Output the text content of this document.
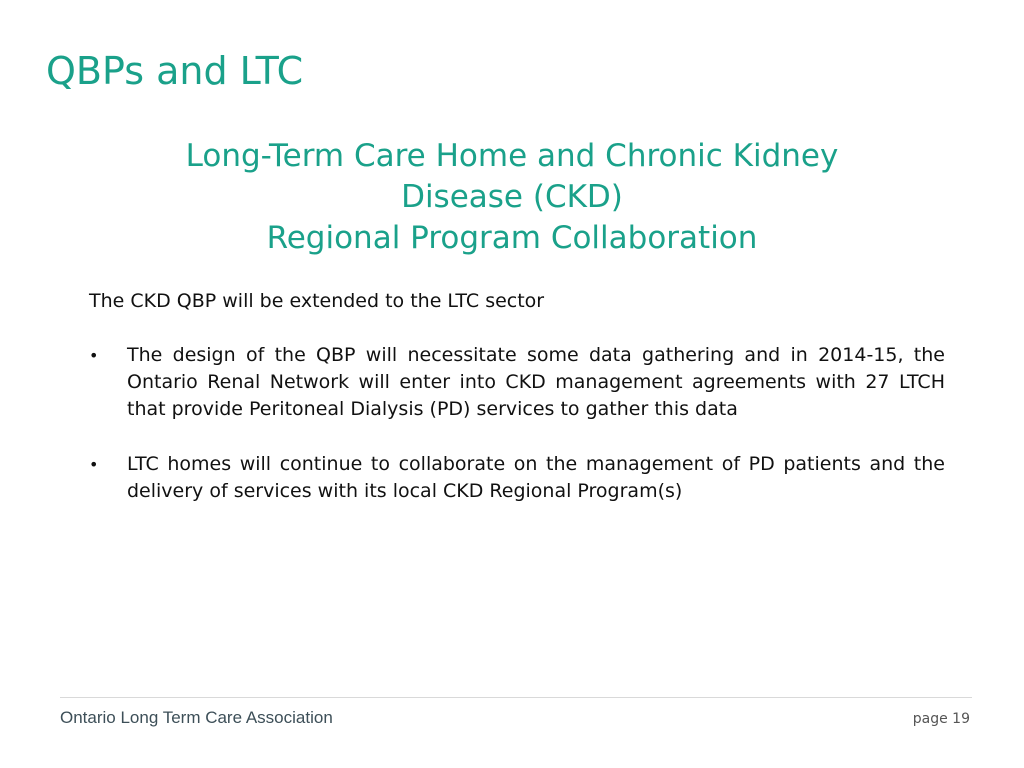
QBPs and LTC
Long-Term Care Home and Chronic Kidney
Disease (CKD)
Regional Program Collaboration

The CKD QBP will be extended to the LTC sector

• The design of the QBP will necessitate some data gathering and in 2014-15, the Ontario Renal Network will enter into CKD management agreements with 27 LTCH that provide Peritoneal Dialysis (PD) services to gather this data
• LTC homes will continue to collaborate on the management of PD patients and the delivery of services with its local CKD Regional Program(s)

Ontario Long Term Care Association	page 19
